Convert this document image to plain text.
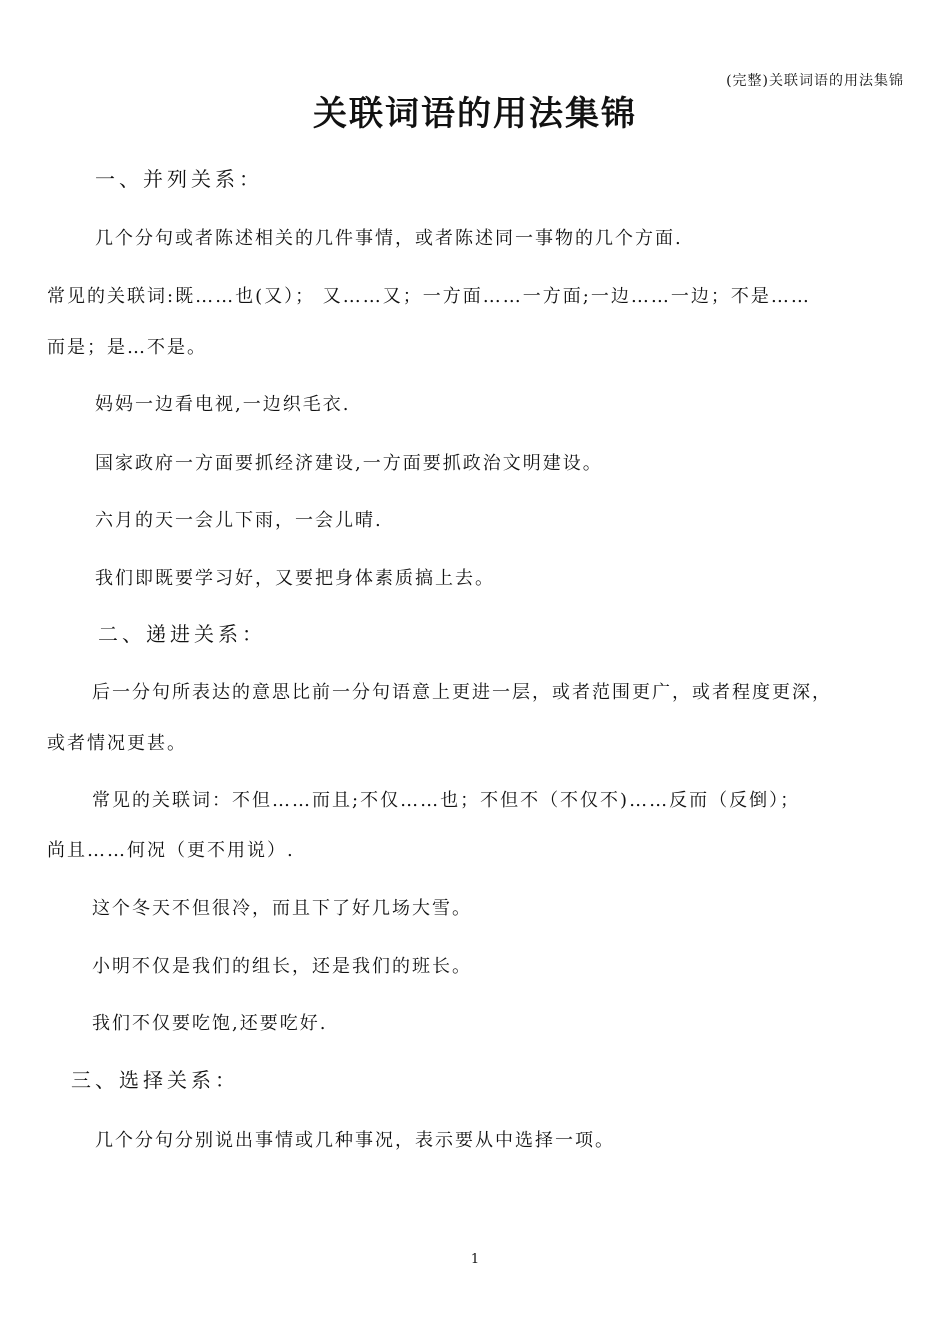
(完整)关联词语的用法集锦
关联词语的用法集锦
一、并列关系：

几个分句或者陈述相关的几件事情，或者陈述同一事物的几个方面.

常见的关联词:既……也(又）； 又……又；一方面……一方面;一边……一边；不是……

而是；是…不是。

妈妈一边看电视,一边织毛衣.

国家政府一方面要抓经济建设,一方面要抓政治文明建设。

六月的天一会儿下雨，一会儿晴.

我们即既要学习好，又要把身体素质搞上去。

二、递进关系：

后一分句所表达的意思比前一分句语意上更进一层，或者范围更广，或者程度更深，

或者情况更甚。

常见的关联词：不但……而且;不仅……也；不但不（不仅不)……反而（反倒）；

尚且……何况（更不用说）.

这个冬天不但很冷，而且下了好几场大雪。

小明不仅是我们的组长，还是我们的班长。

我们不仅要吃饱,还要吃好.

三、选择关系：

几个分句分别说出事情或几种事况，表示要从中选择一项。

1
